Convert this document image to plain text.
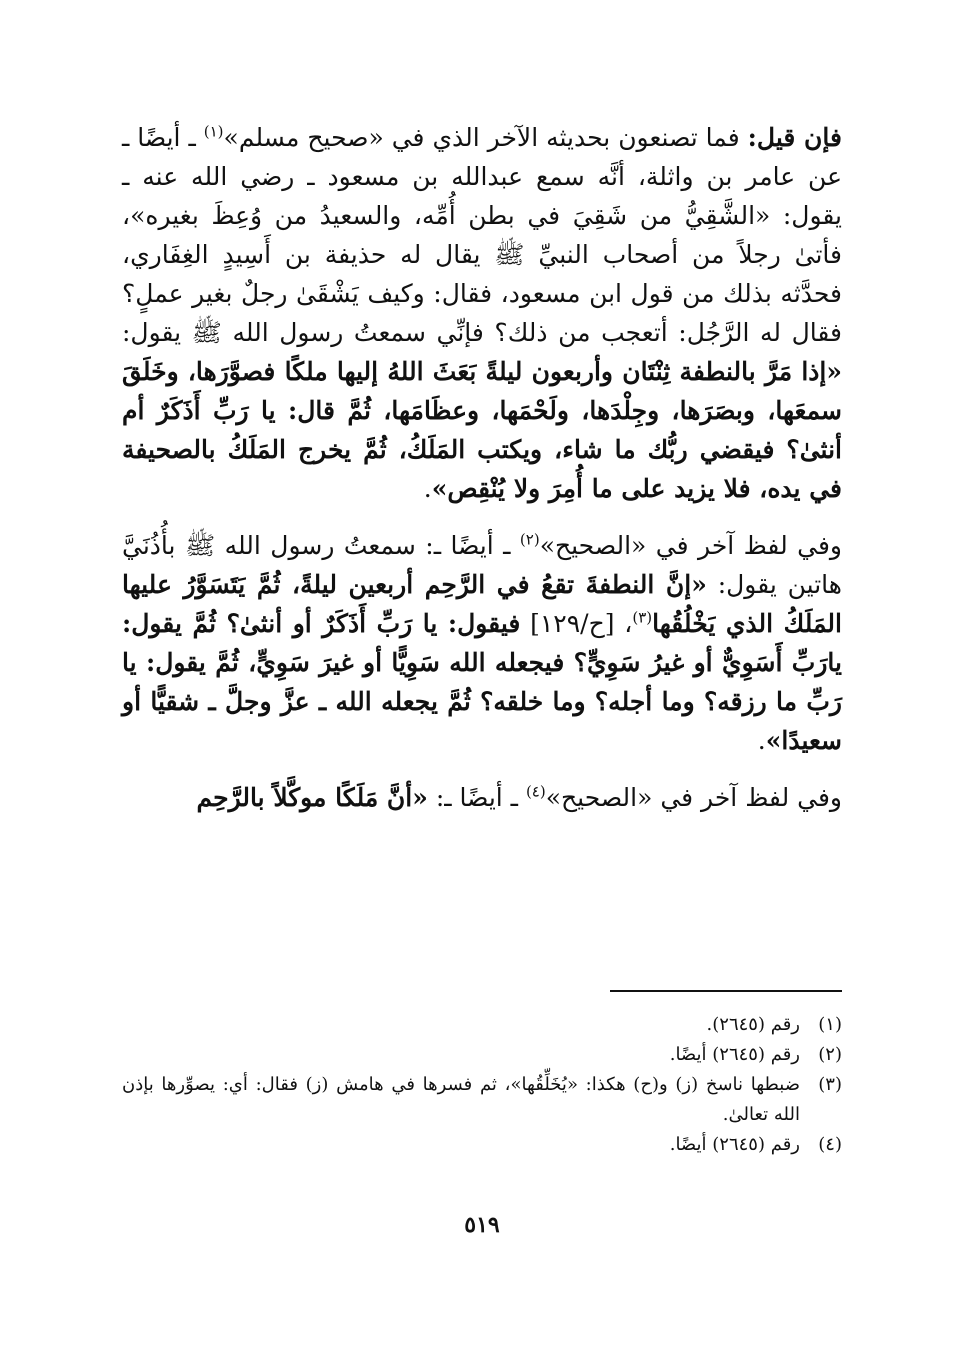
فإن قيل: فما تصنعون بحديثه الآخر الذي في «صحيح مسلم»$^{(١)}$ ـ أيضًا ـ عن عامر بن واثلة، أنَّه سمع عبدالله بن مسعود ـ رضي الله عنه ـ يقول: «الشَّقِيُّ من شَقِيَ في بطن أُمِّه، والسعيدُ من وُعِظَ بغيره»، فأتىٰ رجلاً من أصحاب النبيِّ ﷺ يقال له حذيفة بن أَسِيدٍ الغِفَاري، فحدَّثه بذلك من قول ابن مسعود، فقال: وكيف يَشْقَىٰ رجلٌ بغير عملٍ؟ فقال له الرَّجُل: أتعجب من ذلك؟ فإنِّي سمعتُ رسول الله ﷺ يقول: «إذا مَرَّ بالنطفة ثِنْتَان وأربعون ليلةً بَعَثَ اللهُ إليها ملكًا فصوَّرَها، وخَلَقَ سمعَها، وبصَرَها، وجِلْدَها، ولَحْمَها، وعظَامَها، ثُمَّ قال: يا رَبِّ أَذَكَرٌ أم أنثىٰ؟ فيقضي ربُّك ما شاء، ويكتب المَلَكُ، ثُمَّ يخرج المَلَكُ بالصحيفة في يده، فلا يزيد على ما أُمِرَ ولا يُنْقِص».

وفي لفظ آخر في «الصحيح»$^{(٢)}$ ـ أيضًا ـ: سمعتُ رسول الله ﷺ بأُذُنَيَّ هاتين يقول: «إنَّ النطفةَ تقعُ في الرَّحِم أربعين ليلةً، ثُمَّ يَتَسَوَّرُ عليها المَلَكُ الذي يَخْلُقُها$^{(٣)}$، [ح/١٢٩] فيقول: يا رَبِّ أَذَكَرٌ أو أنثىٰ؟ ثُمَّ يقول: يارَبِّ أَسَوِيٌّ أو غيرُ سَوِيٍّ؟ فيجعله الله سَوِيًّا أو غيرَ سَوِيٍّ، ثُمَّ يقول: يا رَبِّ ما رزقه؟ وما أجله؟ وما خلقه؟ ثُمَّ يجعله الله ـ عزَّ وجلَّ ـ شقيًّا أو سعيدًا».

وفي لفظ آخر في «الصحيح»$^{(٤)}$ ـ أيضًا ـ: «أنَّ مَلَكًا موكَّلاً بالرَّحِم

(١)
رقم (٢٦٤٥).
(٢)
رقم (٢٦٤٥) أيضًا.
(٣)
ضبطها ناسخ (ز) و(ح) هكذا: «يُخَلِّقُها»، ثم فسرها في هامش (ز) فقال: أي: يصوِّرها بإذن الله تعالىٰ.
(٤)
رقم (٢٦٤٥) أيضًا.
٥١٩
